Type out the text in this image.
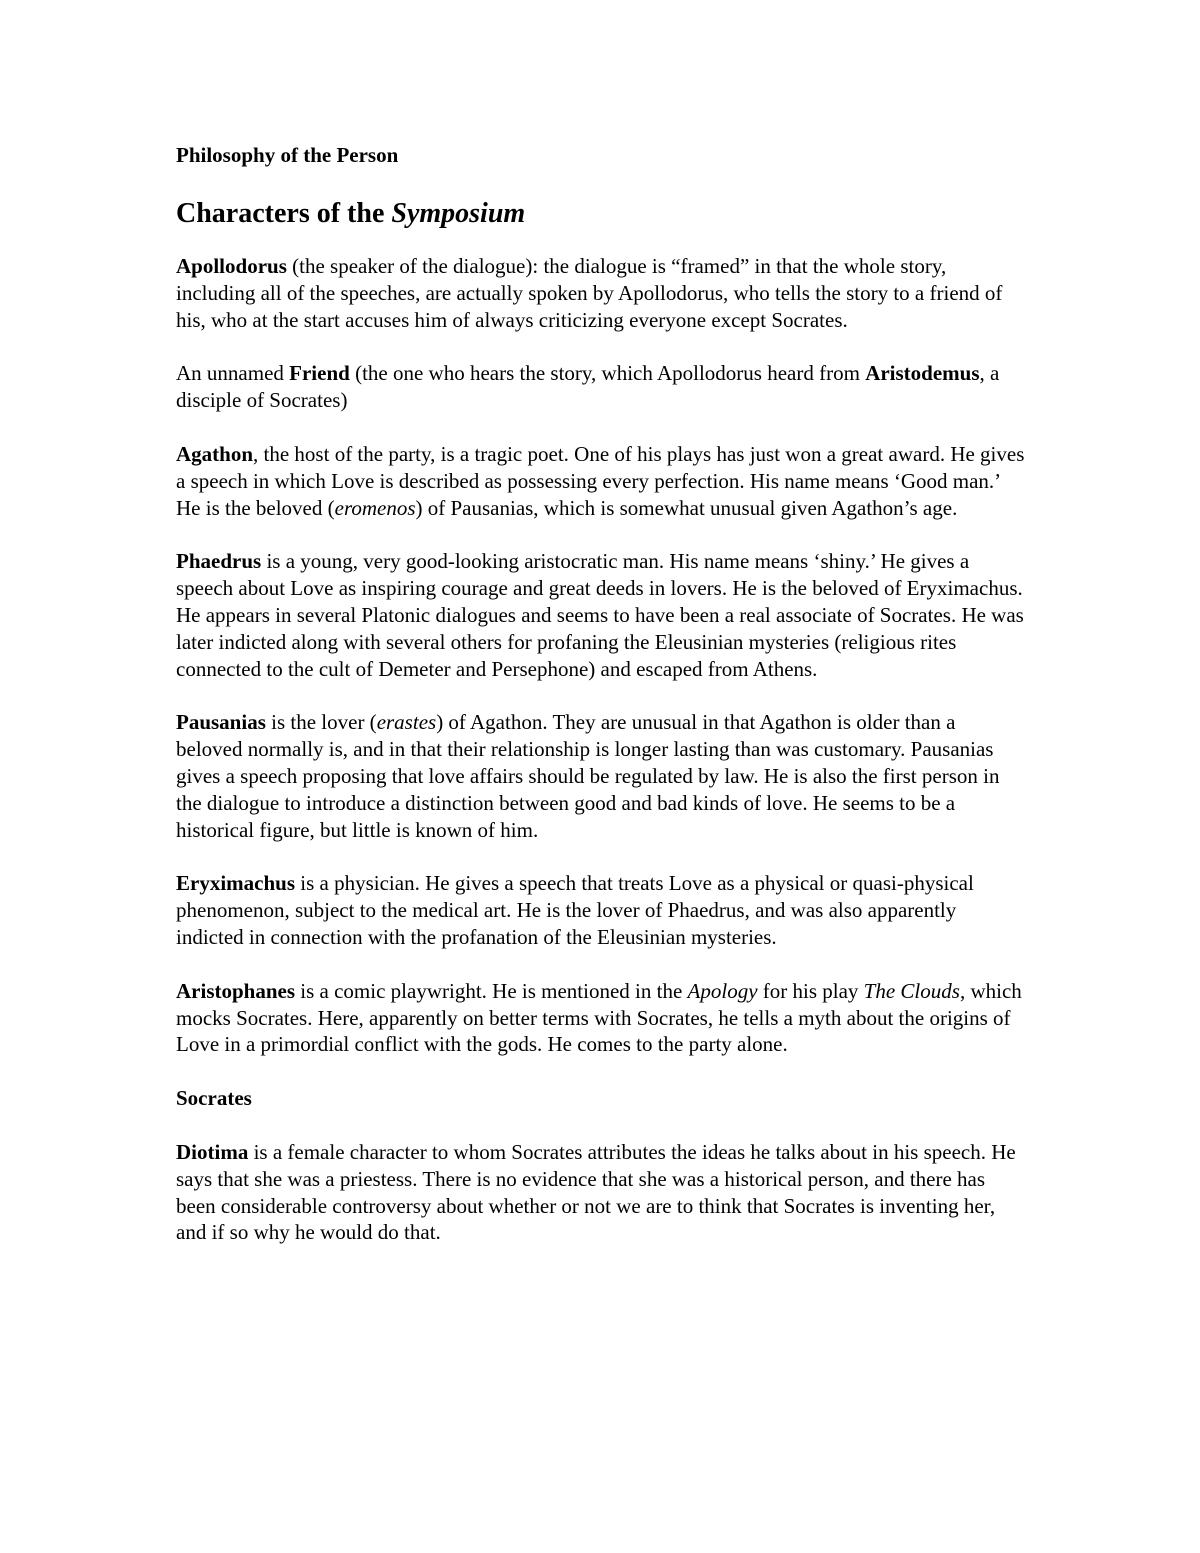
Philosophy of the Person
Characters of the Symposium

Apollodorus (the speaker of the dialogue): the dialogue is “framed” in that the whole story, including all of the speeches, are actually spoken by Apollodorus, who tells the story to a friend of his, who at the start accuses him of always criticizing everyone except Socrates.

An unnamed Friend (the one who hears the story, which Apollodorus heard from Aristodemus, a disciple of Socrates)

Agathon, the host of the party, is a tragic poet. One of his plays has just won a great award. He gives a speech in which Love is described as possessing every perfection. His name means ‘Good man.’ He is the beloved (eromenos) of Pausanias, which is somewhat unusual given Agathon’s age.

Phaedrus is a young, very good-looking aristocratic man. His name means ‘shiny.’ He gives a speech about Love as inspiring courage and great deeds in lovers. He is the beloved of Eryximachus. He appears in several Platonic dialogues and seems to have been a real associate of Socrates. He was later indicted along with several others for profaning the Eleusinian mysteries (religious rites connected to the cult of Demeter and Persephone) and escaped from Athens.

Pausanias is the lover (erastes) of Agathon. They are unusual in that Agathon is older than a beloved normally is, and in that their relationship is longer lasting than was customary. Pausanias gives a speech proposing that love affairs should be regulated by law. He is also the first person in the dialogue to introduce a distinction between good and bad kinds of love. He seems to be a historical figure, but little is known of him.

Eryximachus is a physician. He gives a speech that treats Love as a physical or quasi-physical phenomenon, subject to the medical art. He is the lover of Phaedrus, and was also apparently indicted in connection with the profanation of the Eleusinian mysteries.

Aristophanes is a comic playwright. He is mentioned in the Apology for his play The Clouds, which mocks Socrates. Here, apparently on better terms with Socrates, he tells a myth about the origins of Love in a primordial conflict with the gods. He comes to the party alone.

Socrates

Diotima is a female character to whom Socrates attributes the ideas he talks about in his speech. He says that she was a priestess. There is no evidence that she was a historical person, and there has been considerable controversy about whether or not we are to think that Socrates is inventing her, and if so why he would do that.
